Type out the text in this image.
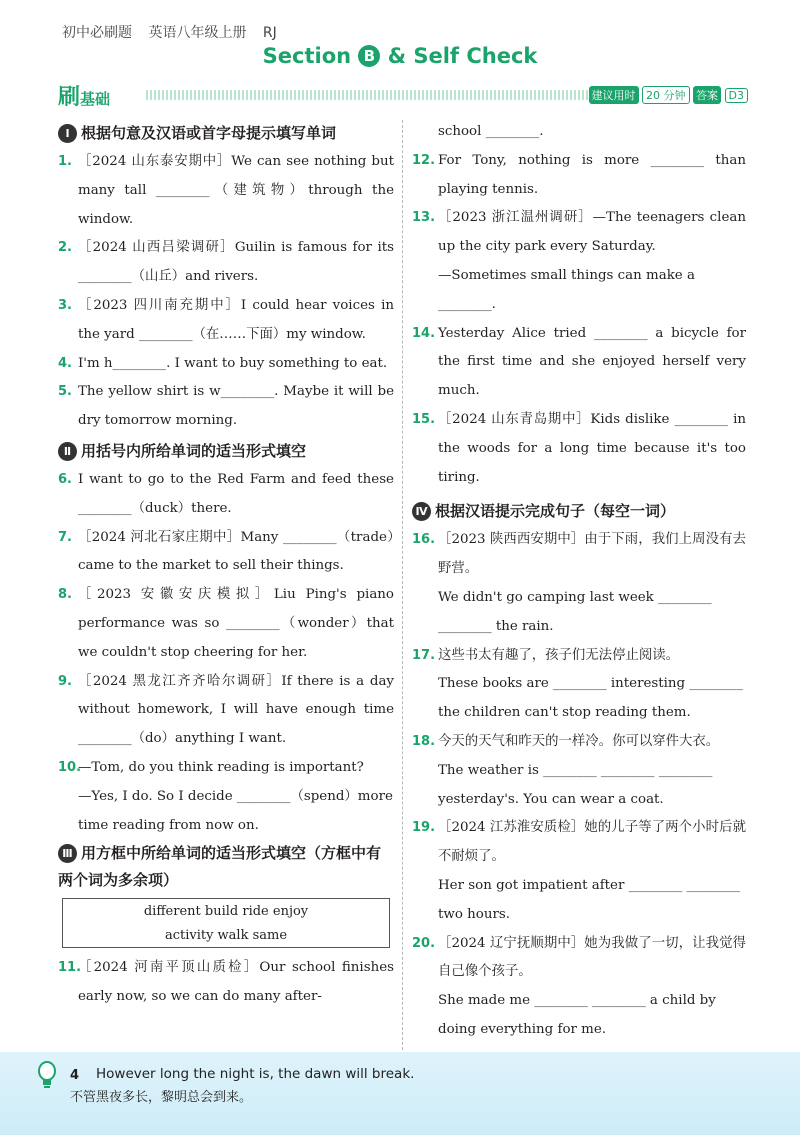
初中必刷题 英语八年级上册 RJ
Section B & Self Check
刷基础	建议用时 20 分钟 答案 D3
Ⅰ 根据句意及汉语或首字母提示填写单词
1. ［2024 山东泰安期中］We can see nothing but many tall ________（建筑物）through the window.
2. ［2024 山西吕梁调研］Guilin is famous for its ________（山丘）and rivers.
3. ［2023 四川南充期中］I could hear voices in the yard ________（在……下面）my window.
4. I'm h________. I want to buy something to eat.
5. The yellow shirt is w________. Maybe it will be dry tomorrow morning.
Ⅱ 用括号内所给单词的适当形式填空
6. I want to go to the Red Farm and feed these ________（duck）there.
7. ［2024 河北石家庄期中］Many ________（trade）came to the market to sell their things.
8. ［2023 安徽安庆模拟］Liu Ping's piano performance was so ________（wonder）that we couldn't stop cheering for her.
9. ［2024 黑龙江齐齐哈尔调研］If there is a day without homework, I will have enough time ________（do）anything I want.
10.
—Tom, do you think reading is important?
—Yes, I do. So I decide ________（spend）more time reading from now on.
Ⅲ 用方框中所给单词的适当形式填空（方框中有两个词为多余项）
different build ride enjoy
activity walk same
11.
［2024 河南平顶山质检］Our school finishes early now, so we can do many after-
school ________.
12. For Tony, nothing is more ________ than playing tennis.
13. ［2023 浙江温州调研］—The teenagers clean up the city park every Saturday.
—Sometimes small things can make a ________.
14. Yesterday Alice tried ________ a bicycle for the first time and she enjoyed herself very much.
15. ［2024 山东青岛期中］Kids dislike ________ in the woods for a long time because it's too tiring.
Ⅳ 根据汉语提示完成句子（每空一词）
16. ［2023 陕西西安期中］由于下雨，我们上周没有去野营。
We didn't go camping last week ________ ________ the rain.
17. 这些书太有趣了，孩子们无法停止阅读。
These books are ________ interesting ________ the children can't stop reading them.
18. 今天的天气和昨天的一样冷。你可以穿件大衣。
The weather is ________ ________ ________ yesterday's. You can wear a coat.
19. ［2024 江苏淮安质检］她的儿子等了两个小时后就不耐烦了。
Her son got impatient after ________ ________ two hours.
20. ［2024 辽宁抚顺期中］她为我做了一切，让我觉得自己像个孩子。
She made me ________ ________ a child by doing everything for me.
4 However long the night is, the dawn will break.
不管黑夜多长，黎明总会到来。
